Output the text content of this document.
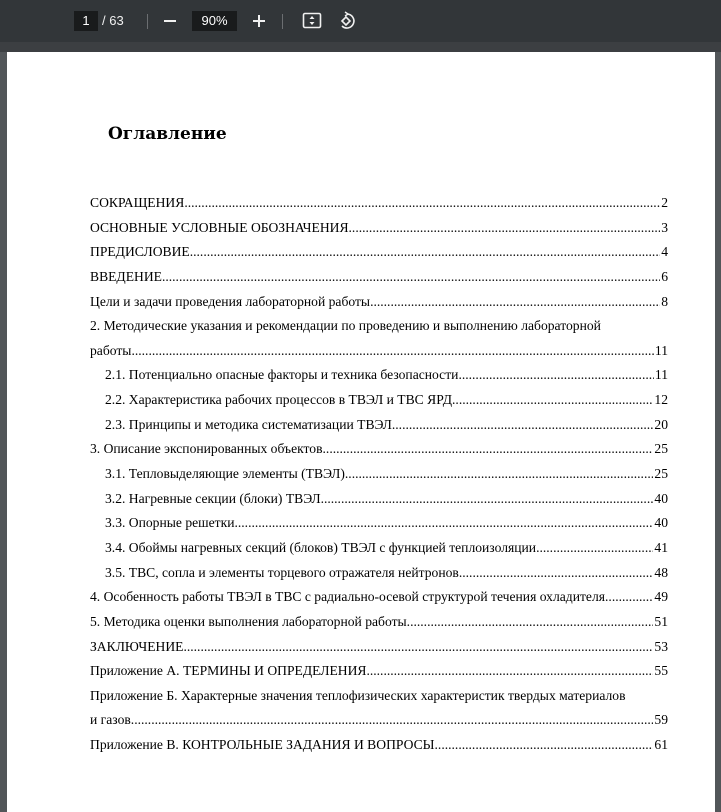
1 / 63	90%
Оглавление
СОКРАЩЕНИЯ .....	2
ОСНОВНЫЕ УСЛОВНЫЕ ОБОЗНАЧЕНИЯ .....	3
ПРЕДИСЛОВИЕ .....	4
ВВЕДЕНИЕ .....	6
Цели и задачи проведения лабораторной работы .....	8
2. Методические указания и рекомендации по проведению и выполнению лабораторной
работы .....	11
2.1. Потенциально опасные факторы и техника безопасности .....	11
2.2. Характеристика рабочих процессов в ТВЭЛ и ТВС ЯРД .....	12
2.3. Принципы и методика систематизации ТВЭЛ .....	20
3. Описание экспонированных объектов .....	25
3.1. Тепловыделяющие элементы (ТВЭЛ) .....	25
3.2. Нагревные секции (блоки) ТВЭЛ .....	40
3.3. Опорные решетки .....	40
3.4. Обоймы нагревных секций (блоков) ТВЭЛ с функцией теплоизоляции .....	41
3.5. ТВС, сопла и элементы торцевого отражателя нейтронов .....	48
4. Особенность работы ТВЭЛ в ТВС с радиально-осевой структурой течения охладителя .....	49
5. Методика оценки выполнения лабораторной работы .....	51
ЗАКЛЮЧЕНИЕ .....	53
Приложение А. ТЕРМИНЫ И ОПРЕДЕЛЕНИЯ .....	55
Приложение Б. Характерные значения теплофизических характеристик твердых материалов
и газов .....	59
Приложение В. КОНТРОЛЬНЫЕ ЗАДАНИЯ И ВОПРОСЫ .....	61
